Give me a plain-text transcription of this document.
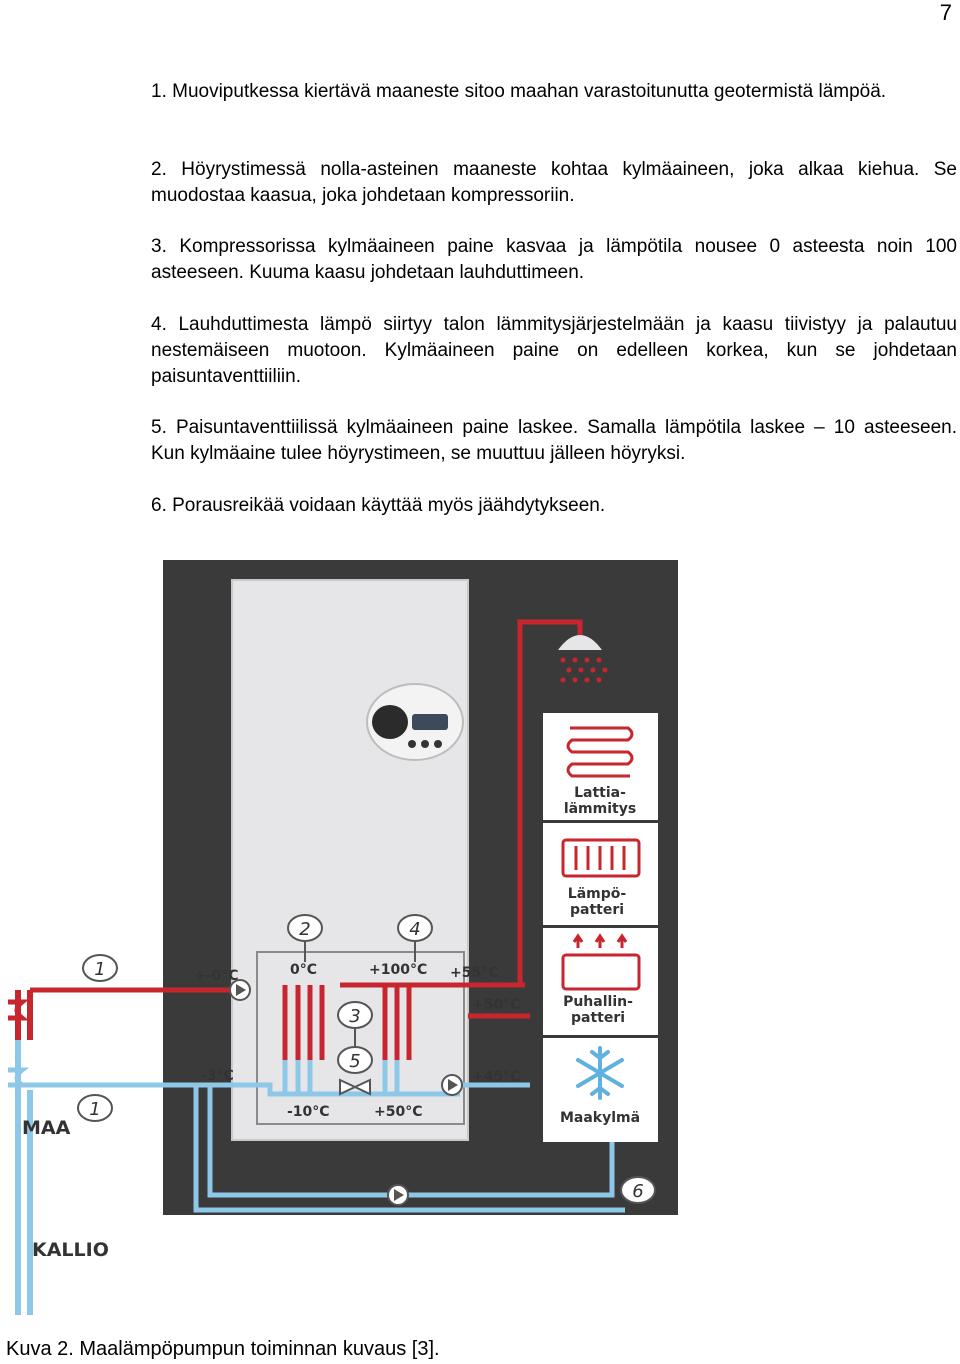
7
1. Muoviputkessa kiertävä maaneste sitoo maahan varastoitunutta geotermistä lämpöä.
2. Höyrystimessä nolla-asteinen maaneste kohtaa kylmäaineen, joka alkaa kiehua. Se muodostaa kaasua, joka johdetaan kompressoriin.
3. Kompressorissa kylmäaineen paine kasvaa ja lämpötila nousee 0 asteesta noin 100 asteeseen. Kuuma kaasu johdetaan lauhduttimeen.
4. Lauhduttimesta lämpö siirtyy talon lämmitysjärjestelmään ja kaasu tiivistyy ja palautuu nestemäiseen muotoon. Kylmäaineen paine on edelleen korkea, kun se johdetaan paisuntaventtiiliin.
5. Paisuntaventtiilissä kylmäaineen paine laskee. Samalla lämpötila laskee – 10 asteeseen. Kun kylmäaine tulee höyrystimeen, se muuttuu jälleen höyryksi.
6. Porausreikää voidaan käyttää myös jäähdytykseen.
1
1
2
3
4
5
6
+-0°C
-3°C
0°C
-10°C
+100°C
+50°C
+55°C
+50°C
+45°C
Lattia-
lämmitys
Lämpö-
patteri
Puhallin-
patteri
Maakylmä
MAA
KALLIO
Kuva 2. Maalämpöpumpun toiminnan kuvaus [3].
